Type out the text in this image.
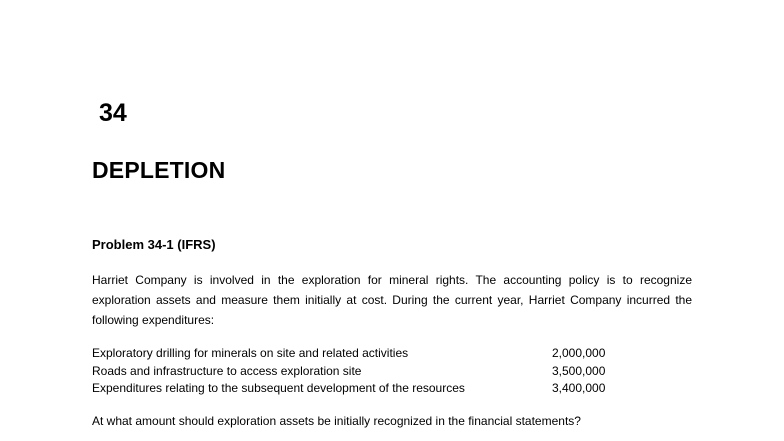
34
DEPLETION
Problem 34-1 (IFRS)
Harriet Company is involved in the exploration for mineral rights. The accounting policy is to recognize exploration assets and measure them initially at cost. During the current year, Harriet Company incurred the following expenditures:
Exploratory drilling for minerals on site and related activities	2,000,000
Roads and infrastructure to access exploration site	3,500,000
Expenditures relating to the subsequent development of the resources	3,400,000
At what amount should exploration assets be initially recognized in the financial statements?
